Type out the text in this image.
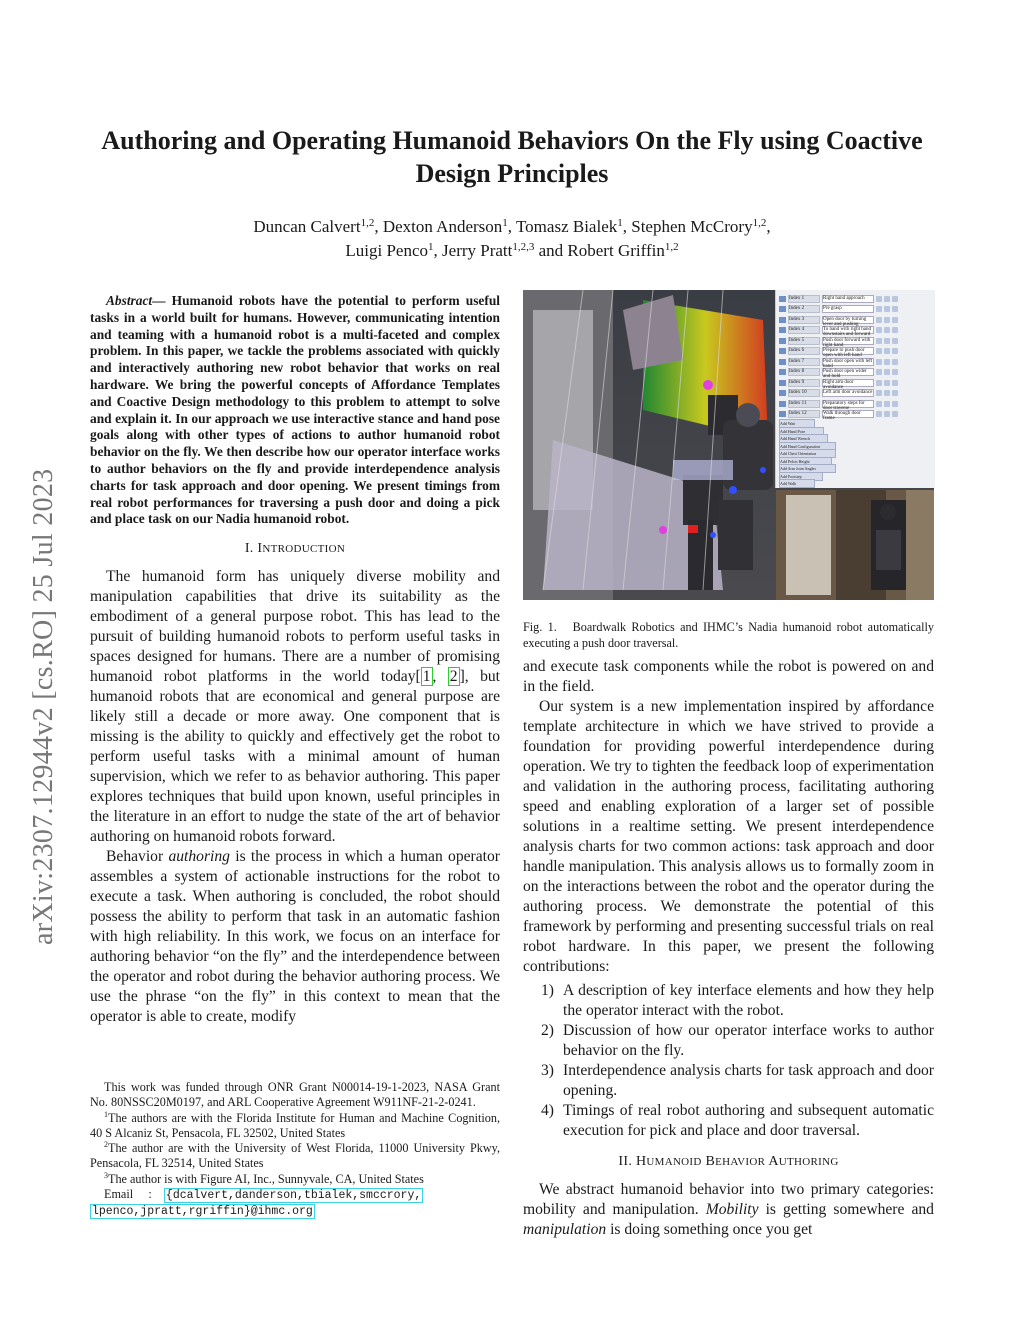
arXiv:2307.12944v2 [cs.RO] 25 Jul 2023
Authoring and Operating Humanoid Behaviors On the Fly using Coactive Design Principles
Duncan Calvert$^{1,2}$, Dexton Anderson$^1$, Tomasz Bialek$^1$, Stephen McCrory$^{1,2}$,
Luigi Penco$^1$, Jerry Pratt$^{1,2,3}$ and Robert Griffin$^{1,2}$

Abstract— Humanoid robots have the potential to perform useful tasks in a world built for humans. However, communicating intention and teaming with a humanoid robot is a multi-faceted and complex problem. In this paper, we tackle the problems associated with quickly and interactively authoring new robot behavior that works on real hardware. We bring the powerful concepts of Affordance Templates and Coactive Design methodology to this problem to attempt to solve and explain it. In our approach we use interactive stance and hand pose goals along with other types of actions to author humanoid robot behavior on the fly. We then describe how our operator interface works to author behaviors on the fly and provide interdependence analysis charts for task approach and door opening. We present timings from real robot performances for traversing a push door and doing a pick and place task on our Nadia humanoid robot.

I. INTRODUCTION

The humanoid form has uniquely diverse mobility and manipulation capabilities that drive its suitability as the embodiment of a general purpose robot. This has lead to the pursuit of building humanoid robots to perform useful tasks in spaces designed for humans. There are a number of promising humanoid robot platforms in the world today[ 1 , 2 ], but humanoid robots that are economical and general purpose are likely still a decade or more away. One component that is missing is the ability to quickly and effectively get the robot to perform useful tasks with a minimal amount of human supervision, which we refer to as behavior authoring. This paper explores techniques that build upon known, useful principles in the literature in an effort to nudge the state of the art of behavior authoring on humanoid robots forward.

Behavior authoring is the process in which a human operator assembles a system of actionable instructions for the robot to execute a task. When authoring is concluded, the robot should possess the ability to perform that task in an automatic fashion with high reliability. In this work, we focus on an interface for authoring behavior “on the fly” and the interdependence between the operator and robot during the behavior authoring process. We use the phrase “on the fly” in this context to mean that the operator is able to create, modify

This work was funded through ONR Grant N00014-19-1-2023, NASA Grant No. 80NSSC20M0197, and ARL Cooperative Agreement W911NF-21-2-0241.

$^1$The authors are with the Florida Institute for Human and Machine Cognition, 40 S Alcaniz St, Pensacola, FL 32502, United States

$^2$The author are with the University of West Florida, 11000 University Pkwy, Pensacola, FL 32514, United States

$^3$The author is with Figure AI, Inc., Sunnyvale, CA, United States

Email : {dcalvert,danderson,tbialek,smccrory,

lpenco,jpratt,rgriffin}@ihmc.org

Index 1	Right hand approach
Index 2	Pre grasp
Index 3	Open door by turning lever and pushing
Index 4	To hand with right hand downstairs and forward
Index 5	Push door forward with right hand
Index 6	Prepare to push door open with left hand
Index 7	Push door open with left hand
Index 8	Push door open wider and hold
Index 9	Right arm door avoidance
Index 10	Left arm door avoidance
Index 11	Preparatory steps for door traverse
Index 12	Walk through door frame
Add Wait
Add Hand Pose
Add Hand Wrench
Add Hand Configuration
Add Chest Orientation
Add Pelvis Height
Add Arm Joint Angles
Add Footstep
Add Walk
Fig. 1. Boardwalk Robotics and IHMC’s Nadia humanoid robot automatically executing a push door traversal.

and execute task components while the robot is powered on and in the field.

Our system is a new implementation inspired by affordance template architecture in which we have strived to provide a foundation for providing powerful interdependence during operation. We try to tighten the feedback loop of experimentation and validation in the authoring process, facilitating authoring speed and enabling exploration of a larger set of possible solutions in a realtime setting. We present interdependence analysis charts for two common actions: task approach and door handle manipulation. This analysis allows us to formally zoom in on the interactions between the robot and the operator during the authoring process. We demonstrate the potential of this framework by performing and presenting successful trials on real robot hardware. In this paper, we present the following contributions:

1) A description of key interface elements and how they help the operator interact with the robot.
2) Discussion of how our operator interface works to author behavior on the fly.
3) Interdependence analysis charts for task approach and door opening.
4) Timings of real robot authoring and subsequent automatic execution for pick and place and door traversal.
II. HUMANOID BEHAVIOR AUTHORING

We abstract humanoid behavior into two primary categories: mobility and manipulation. Mobility is getting somewhere and manipulation is doing something once you get
